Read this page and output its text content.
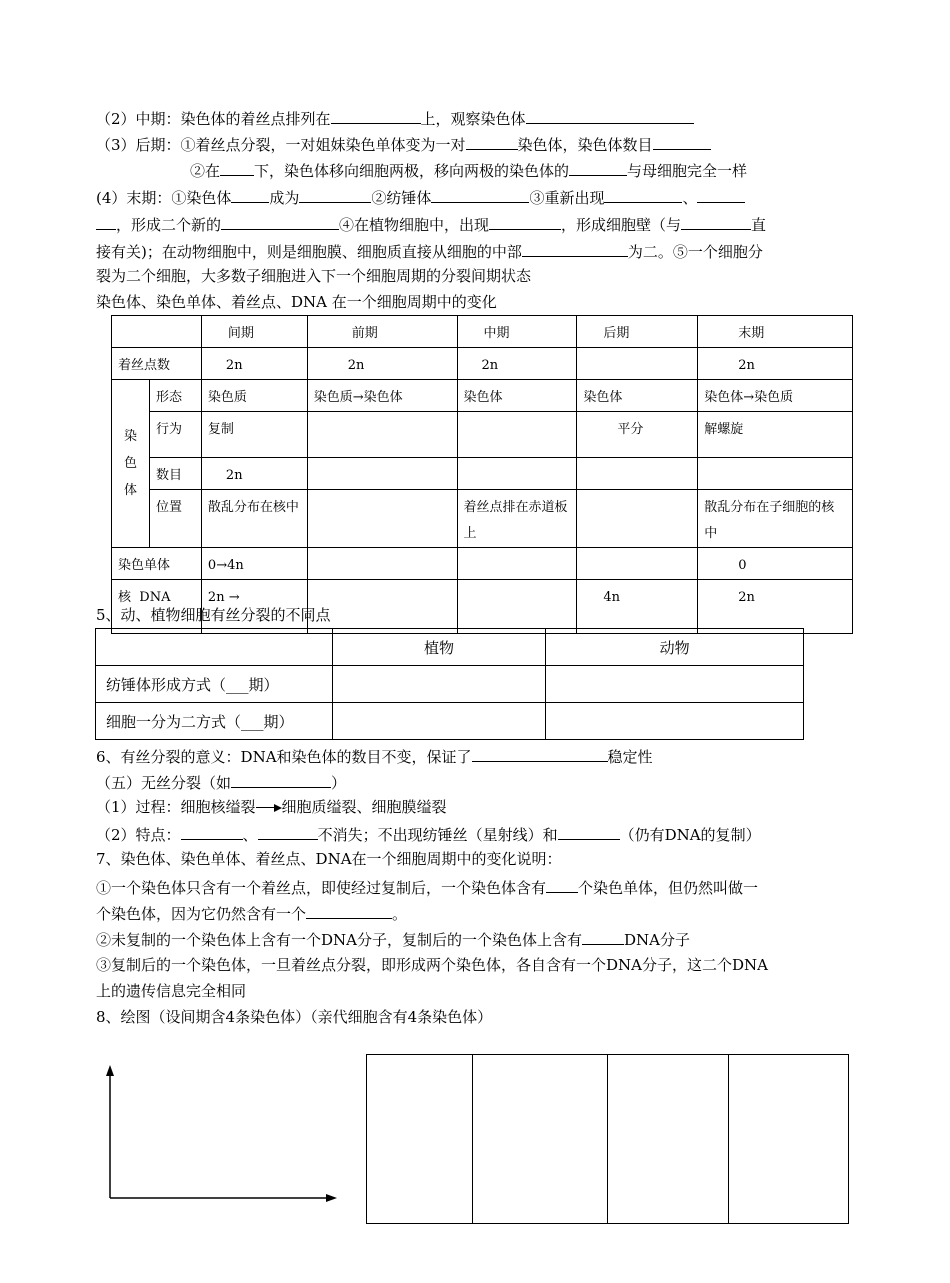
（2）中期：染色体的着丝点排列在	上，观察染色体
（3）后期：①着丝点分裂，一对姐妹染色单体变为一对	染色体，染色体数目
②在 下，染色体移向细胞两极，移向两极的染色体的	与母细胞完全一样
(4）末期：①染色体	成为	②纺锤体	③重新出现	、
，形成二个新的	④在植物细胞中，出现	，形成细胞壁（与	直
接有关)；在动物细胞中，则是细胞膜、细胞质直接从细胞的中部	为二。⑤一个细胞分
裂为二个细胞，大多数子细胞进入下一个细胞周期的分裂间期状态
染色体、染色单体、着丝点、DNA 在一个细胞周期中的变化
		间期	前期	中期	后期	末期
着丝点数		2n	2n	2n		2n
染
色
体	形态	染色质	染色质→染色体	染色体	染色体	染色体→染色质
	行为	复制			平分	解螺旋
	数目	2n				
	位置	散乱分布在核中		着丝点排在赤道板上		散乱分布在子细胞的核中
染色单体		0→4n				0
核  DNA		2n →			4n	2n
5、动、植物细胞有丝分裂的不同点
	植物	动物
纺锤体形成方式（___期）		
细胞一分为二方式（___期）		
6、有丝分裂的意义：DNA和染色体的数目不变，保证了	稳定性
（五）无丝分裂（如	）
（1）过程：细胞核缢裂 细胞质缢裂、细胞膜缢裂
（2）特点：	、	不消失；不出现纺锤丝（星射线）和	（仍有DNA的复制）
7、染色体、染色单体、着丝点、DNA在一个细胞周期中的变化说明：
①一个染色体只含有一个着丝点，即使经过复制后，一个染色体含有 个染色单体，但仍然叫做一
个染色体，因为它仍然含有一个	。
②未复制的一个染色体上含有一个DNA分子，复制后的一个染色体上含有	DNA分子
③复制后的一个染色体，一旦着丝点分裂，即形成两个染色体，各自含有一个DNA分子，这二个DNA
上的遗传信息完全相同
8、绘图（设间期含4条染色体）（亲代细胞含有4条染色体）
